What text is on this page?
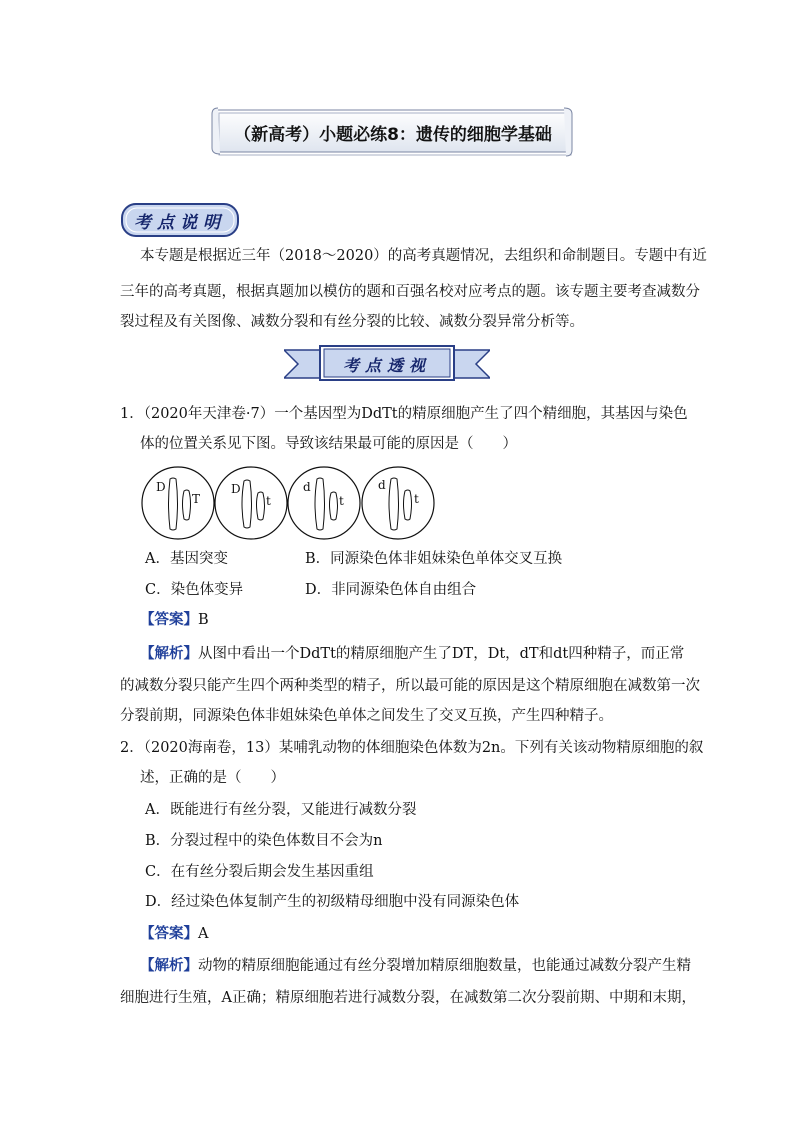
（新高考）小题必练8：遗传的细胞学基础
考点说明
本专题是根据近三年（2018～2020）的高考真题情况，去组织和命制题目。专题中有近
三年的高考真题，根据真题加以模仿的题和百强名校对应考点的题。该专题主要考查减数分
裂过程及有关图像、减数分裂和有丝分裂的比较、减数分裂异常分析等。
考点透视
1．（2020年天津卷·7）一个基因型为DdTt的精原细胞产生了四个精细胞，其基因与染色
体的位置关系见下图。导致该结果最可能的原因是（　　）
D
T
D
t
d
t
d
t
A．基因突变	B．同源染色体非姐妹染色单体交叉互换
C．染色体变异	D．非同源染色体自由组合
【答案】B
【解析】从图中看出一个DdTt的精原细胞产生了DT，Dt，dT和dt四种精子，而正常
的减数分裂只能产生四个两种类型的精子，所以最可能的原因是这个精原细胞在减数第一次
分裂前期，同源染色体非姐妹染色单体之间发生了交叉互换，产生四种精子。
2．（2020海南卷，13）某哺乳动物的体细胞染色体数为2n。下列有关该动物精原细胞的叙
述，正确的是（　　）
A．既能进行有丝分裂，又能进行减数分裂
B．分裂过程中的染色体数目不会为n
C．在有丝分裂后期会发生基因重组
D．经过染色体复制产生的初级精母细胞中没有同源染色体
【答案】A
【解析】动物的精原细胞能通过有丝分裂增加精原细胞数量，也能通过减数分裂产生精
细胞进行生殖，A正确；精原细胞若进行减数分裂，在减数第二次分裂前期、中期和末期，
